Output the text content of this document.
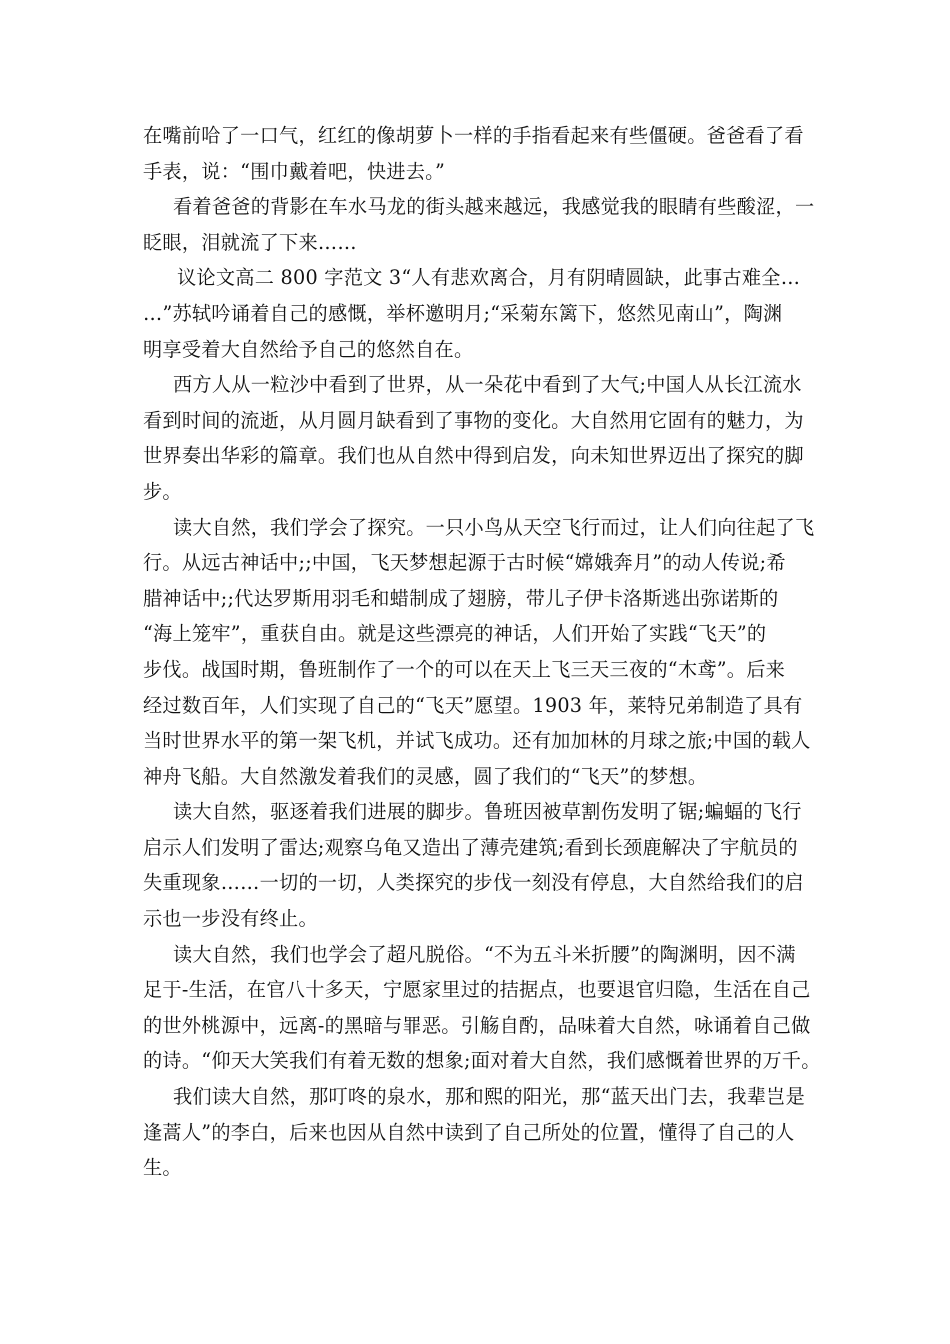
在嘴前哈了一口气，红红的像胡萝卜一样的手指看起来有些僵硬。爸爸看了看
手表，说：“围巾戴着吧，快进去。”
看着爸爸的背影在车水马龙的街头越来越远，我感觉我的眼睛有些酸涩，一
眨眼，泪就流了下来……
议论文高二 800 字范文 3“人有悲欢离合，月有阴晴圆缺，此事古难全…
…”苏轼吟诵着自己的感慨，举杯邀明月;“采菊东篱下，悠然见南山”，陶渊
明享受着大自然给予自己的悠然自在。
西方人从一粒沙中看到了世界，从一朵花中看到了大气;中国人从长江流水
看到时间的流逝，从月圆月缺看到了事物的变化。大自然用它固有的魅力，为
世界奏出华彩的篇章。我们也从自然中得到启发，向未知世界迈出了探究的脚
步。
读大自然，我们学会了探究。一只小鸟从天空飞行而过，让人们向往起了飞
行。从远古神话中;;中国，飞天梦想起源于古时候“嫦娥奔月”的动人传说;希
腊神话中;;代达罗斯用羽毛和蜡制成了翅膀，带儿子伊卡洛斯逃出弥诺斯的
“海上笼牢”，重获自由。就是这些漂亮的神话，人们开始了实践“飞天”的
步伐。战国时期，鲁班制作了一个的可以在天上飞三天三夜的“木鸢”。后来
经过数百年，人们实现了自己的“飞天”愿望。1903 年，莱特兄弟制造了具有
当时世界水平的第一架飞机，并试飞成功。还有加加林的月球之旅;中国的载人
神舟飞船。大自然激发着我们的灵感，圆了我们的“飞天”的梦想。
读大自然，驱逐着我们进展的脚步。鲁班因被草割伤发明了锯;蝙蝠的飞行
启示人们发明了雷达;观察乌龟又造出了薄壳建筑;看到长颈鹿解决了宇航员的
失重现象……一切的一切，人类探究的步伐一刻没有停息，大自然给我们的启
示也一步没有终止。
读大自然，我们也学会了超凡脱俗。“不为五斗米折腰”的陶渊明，因不满
足于-生活，在官八十多天，宁愿家里过的拮据点，也要退官归隐，生活在自己
的世外桃源中，远离-的黑暗与罪恶。引觞自酌，品味着大自然，咏诵着自己做
的诗。“仰天大笑我们有着无数的想象;面对着大自然，我们感慨着世界的万千。
我们读大自然，那叮咚的泉水，那和熙的阳光，那“蓝天出门去，我辈岂是
逢蒿人”的李白，后来也因从自然中读到了自己所处的位置，懂得了自己的人
生。
